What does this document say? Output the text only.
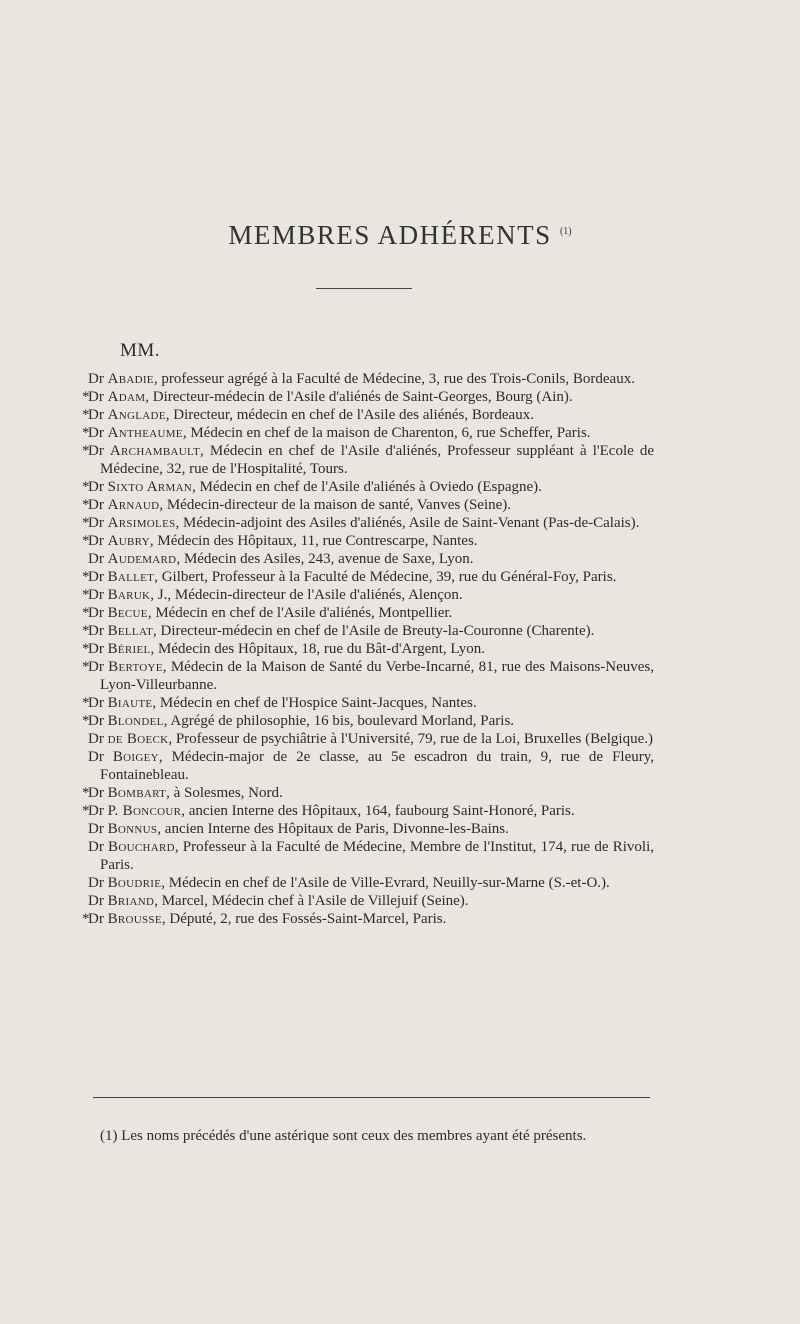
MEMBRES ADHÉRENTS $^{(1)}$
MM.

Dr Abadie, professeur agrégé à la Faculté de Médecine, 3, rue des Trois-Conils, Bordeaux.

*Dr Adam, Directeur-médecin de l'Asile d'aliénés de Saint-Georges, Bourg (Ain).

*Dr Anglade, Directeur, médecin en chef de l'Asile des aliénés, Bordeaux.

*Dr Antheaume, Médecin en chef de la maison de Charenton, 6, rue Scheffer, Paris.

*Dr Archambault, Médecin en chef de l'Asile d'aliénés, Professeur suppléant à l'Ecole de Médecine, 32, rue de l'Hospitalité, Tours.

*Dr Sixto Arman, Médecin en chef de l'Asile d'aliénés à Oviedo (Espagne).

*Dr Arnaud, Médecin-directeur de la maison de santé, Vanves (Seine).

*Dr Arsimoles, Médecin-adjoint des Asiles d'aliénés, Asile de Saint-Venant (Pas-de-Calais).

*Dr Aubry, Médecin des Hôpitaux, 11, rue Contrescarpe, Nantes.

Dr Audemard, Médecin des Asiles, 243, avenue de Saxe, Lyon.

*Dr Ballet, Gilbert, Professeur à la Faculté de Médecine, 39, rue du Général-Foy, Paris.

*Dr Baruk, J., Médecin-directeur de l'Asile d'aliénés, Alençon.

*Dr Becue, Médecin en chef de l'Asile d'aliénés, Montpellier.

*Dr Bellat, Directeur-médecin en chef de l'Asile de Breuty-la-Couronne (Charente).

*Dr Bériel, Médecin des Hôpitaux, 18, rue du Bât-d'Argent, Lyon.

*Dr Bertoye, Médecin de la Maison de Santé du Verbe-Incarné, 81, rue des Maisons-Neuves, Lyon-Villeurbanne.

*Dr Biaute, Médecin en chef de l'Hospice Saint-Jacques, Nantes.

*Dr Blondel, Agrégé de philosophie, 16 bis, boulevard Morland, Paris.

Dr de Boeck, Professeur de psychiâtrie à l'Université, 79, rue de la Loi, Bruxelles (Belgique.)

Dr Boigey, Médecin-major de 2e classe, au 5e escadron du train, 9, rue de Fleury, Fontainebleau.

*Dr Bombart, à Solesmes, Nord.

*Dr P. Boncour, ancien Interne des Hôpitaux, 164, faubourg Saint-Honoré, Paris.

Dr Bonnus, ancien Interne des Hôpitaux de Paris, Divonne-les-Bains.

Dr Bouchard, Professeur à la Faculté de Médecine, Membre de l'Institut, 174, rue de Rivoli, Paris.

Dr Boudrie, Médecin en chef de l'Asile de Ville-Evrard, Neuilly-sur-Marne (S.-et-O.).

Dr Briand, Marcel, Médecin chef à l'Asile de Villejuif (Seine).

*Dr Brousse, Député, 2, rue des Fossés-Saint-Marcel, Paris.

(1) Les noms précédés d'une astérique sont ceux des membres ayant été présents.
